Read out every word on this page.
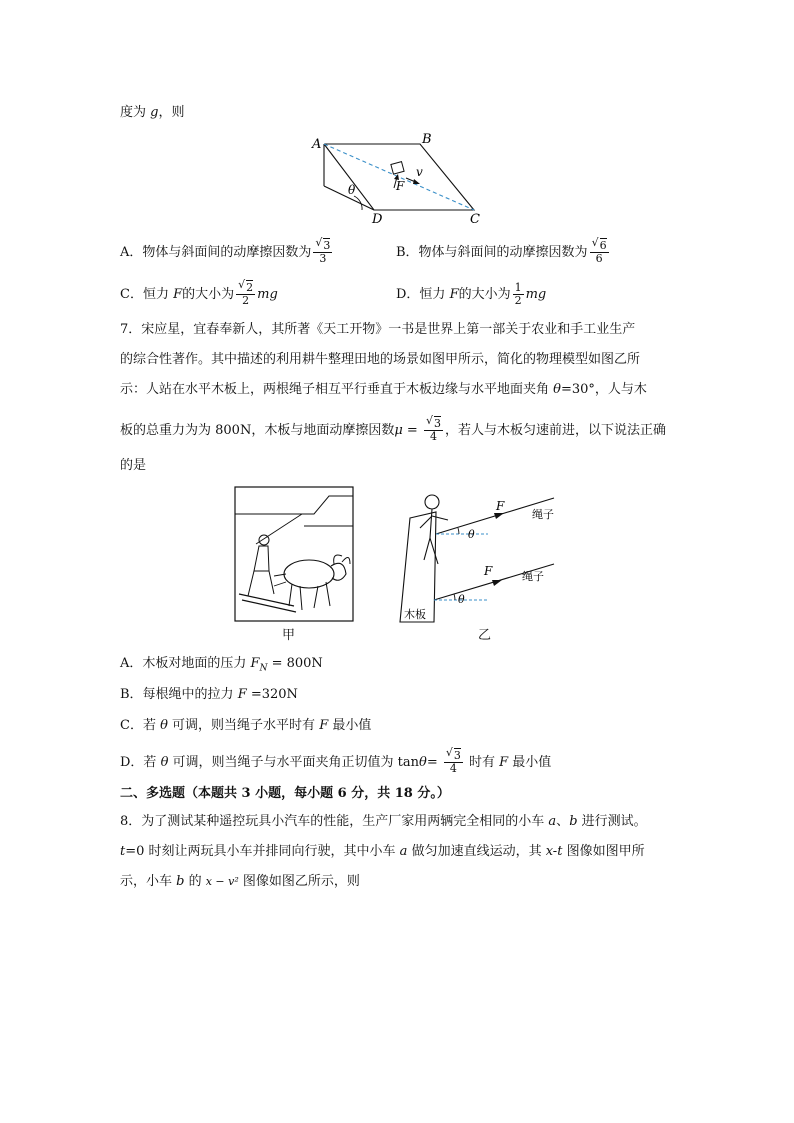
度为 g，则
A	B
C
D
θ
v
F
A．物体与斜面间的动摩擦因数为 √ $\frac{3}{3}$	B．物体与斜面间的动摩擦因数为 √ $\frac{6}{6}$
C．恒力 F的大小为 √ $\frac{2}{2}$ mg	D．恒力 F的大小为 $\frac{1}{2}$ mg
7．宋应星，宜春奉新人，其所著《天工开物》一书是世界上第一部关于农业和手工业生产
的综合性著作。其中描述的利用耕牛整理田地的场景如图甲所示，简化的物理模型如图乙所
示：人站在水平木板上，两根绳子相互平行垂直于木板边缘与水平地面夹角 θ=30°，人与木
板的总重力为为 800N，木板与地面动摩擦因数μ = √ $\frac{3}{4}$ ，若人与木板匀速前进，以下说法正确
的是
甲
F
F
绳子
绳子
θ
θ
木板
乙
A．木板对地面的压力 $F_N = 800N$
B．每根绳中的拉力 F =320N
C．若 θ 可调，则当绳子水平时有 F 最小值
D．若 θ 可调，则当绳子与水平面夹角正切值为 tanθ= √ $\frac{3}{4}$ 时有 F 最小值
二、多选题（本题共 3 小题，每小题 6 分，共 18 分。）
8．为了测试某种遥控玩具小汽车的性能，生产厂家用两辆完全相同的小车 a、b 进行测试。
t=0 时刻让两玩具小车并排同向行驶，其中小车 a 做匀加速直线运动，其 x-t 图像如图甲所
示，小车 b 的 x − v² 图像如图乙所示，则
